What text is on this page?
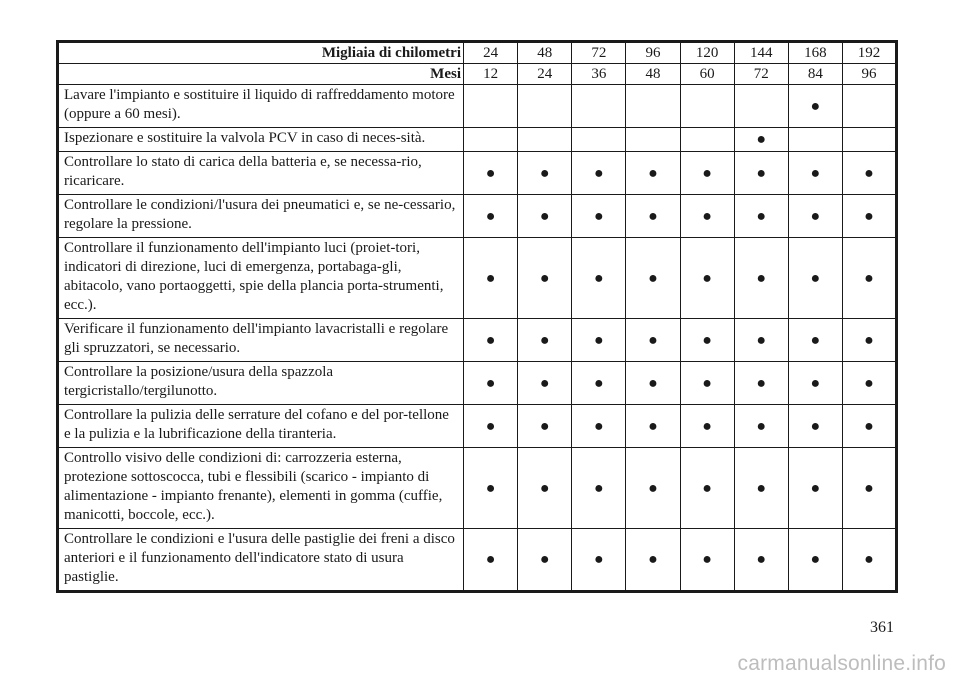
Migliaia di chilometri	24	48	72	96	120	144	168	192
Mesi	12	24	36	48	60	72	84	96
Lavare l'impianto e sostituire il liquido di raffreddamento motore (oppure a 60 mesi).							●	
Ispezionare e sostituire la valvola PCV in caso di neces-sità.						●		
Controllare lo stato di carica della batteria e, se necessa-rio, ricaricare.	●	●	●	●	●	●	●	●
Controllare le condizioni/l'usura dei pneumatici e, se ne-cessario, regolare la pressione.	●	●	●	●	●	●	●	●
Controllare il funzionamento dell'impianto luci (proiet-tori, indicatori di direzione, luci di emergenza, portabaga-gli, abitacolo, vano portaoggetti, spie della plancia porta-strumenti, ecc.).	●	●	●	●	●	●	●	●
Verificare il funzionamento dell'impianto lavacristalli e regolare gli spruzzatori, se necessario.	●	●	●	●	●	●	●	●
Controllare la posizione/usura della spazzola tergicristallo/tergilunotto.	●	●	●	●	●	●	●	●
Controllare la pulizia delle serrature del cofano e del por-tellone e la pulizia e la lubrificazione della tiranteria.	●	●	●	●	●	●	●	●
Controllo visivo delle condizioni di: carrozzeria esterna, protezione sottoscocca, tubi e flessibili (scarico - impianto di alimentazione - impianto frenante), elementi in gomma (cuffie, manicotti, boccole, ecc.).	●	●	●	●	●	●	●	●
Controllare le condizioni e l'usura delle pastiglie dei freni a disco anteriori e il funzionamento dell'indicatore stato di usura pastiglie.	●	●	●	●	●	●	●	●
361
carmanualsonline.info
